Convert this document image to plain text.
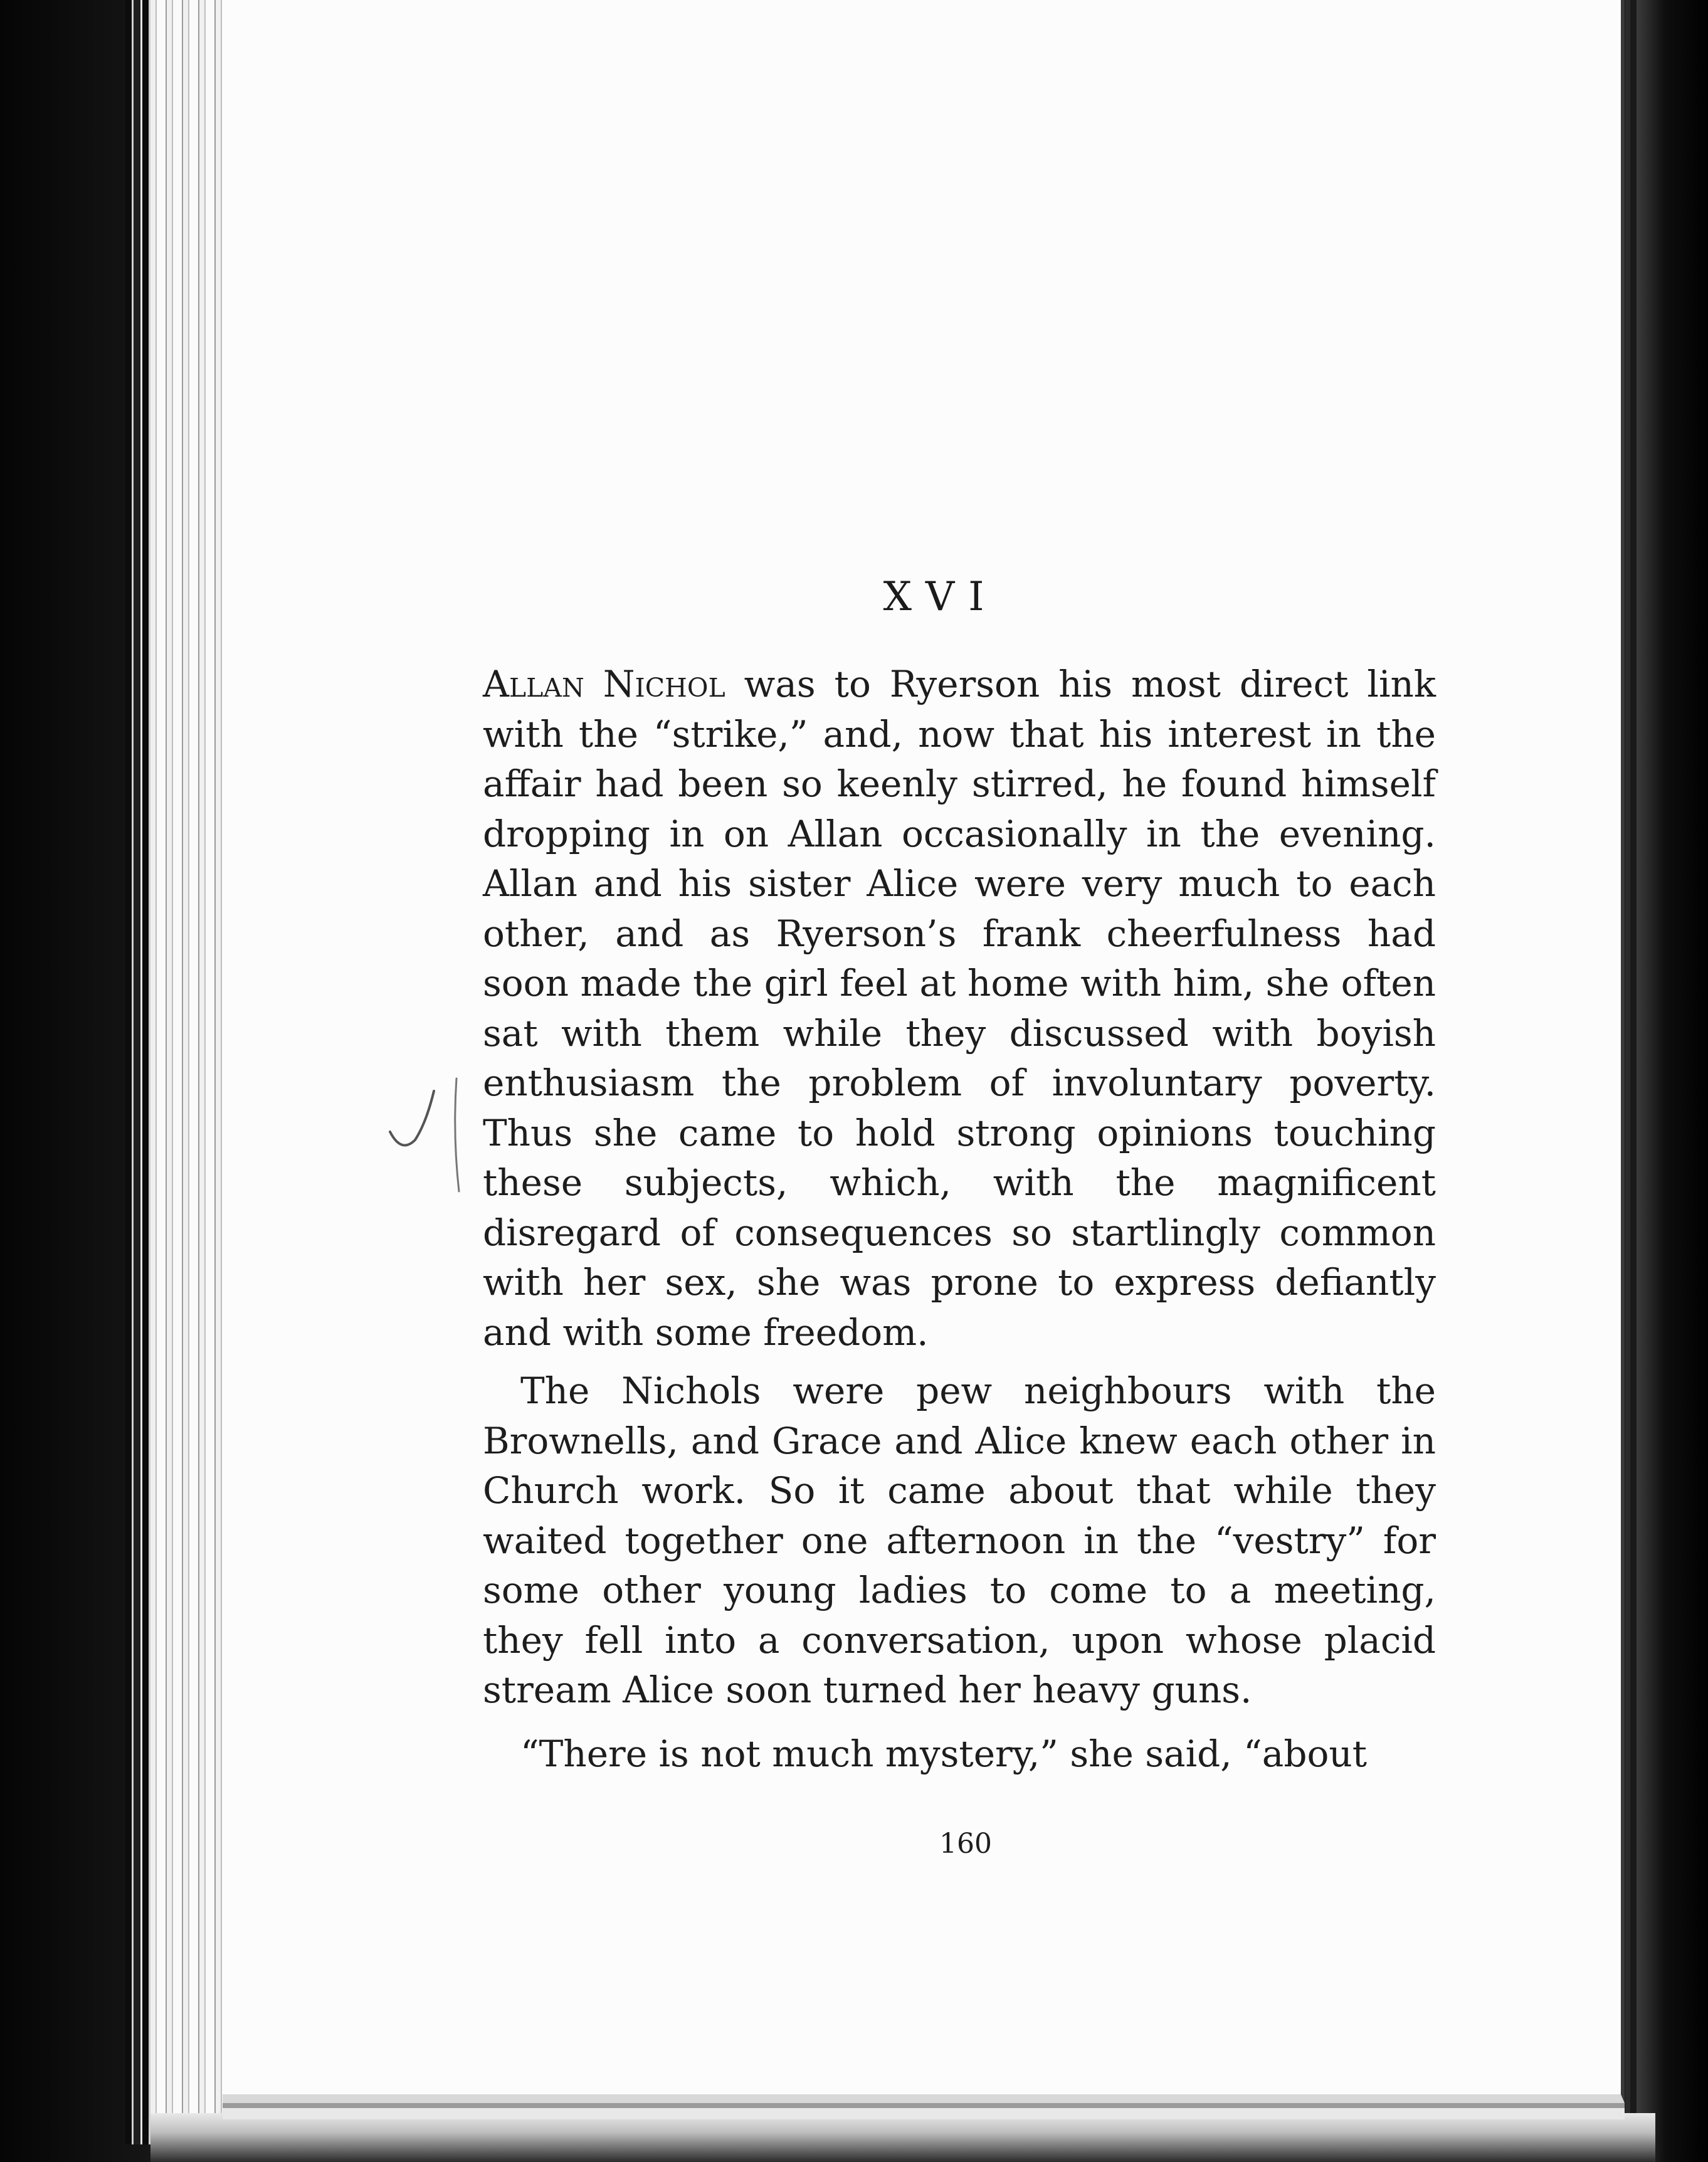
XVI

Allan Nichol was to Ryerson his most direct link with the “strike,” and, now that his interest in the affair had been so keenly stirred, he found himself dropping in on Allan occasionally in the evening. Allan and his sister Alice were very much to each other, and as Ryerson’s frank cheerfulness had soon made the girl feel at home with him, she often sat with them while they discussed with boyish enthusiasm the problem of involuntary poverty. Thus she came to hold strong opinions touching these subjects, which, with the magnificent disregard of consequences so startlingly common with her sex, she was prone to express defiantly and with some freedom.

The Nichols were pew neighbours with the Brownells, and Grace and Alice knew each other in Church work. So it came about that while they waited together one afternoon in the “vestry” for some other young ladies to come to a meeting, they fell into a conversation, upon whose placid stream Alice soon turned her heavy guns.

“There is not much mystery,” she said, “about

160
